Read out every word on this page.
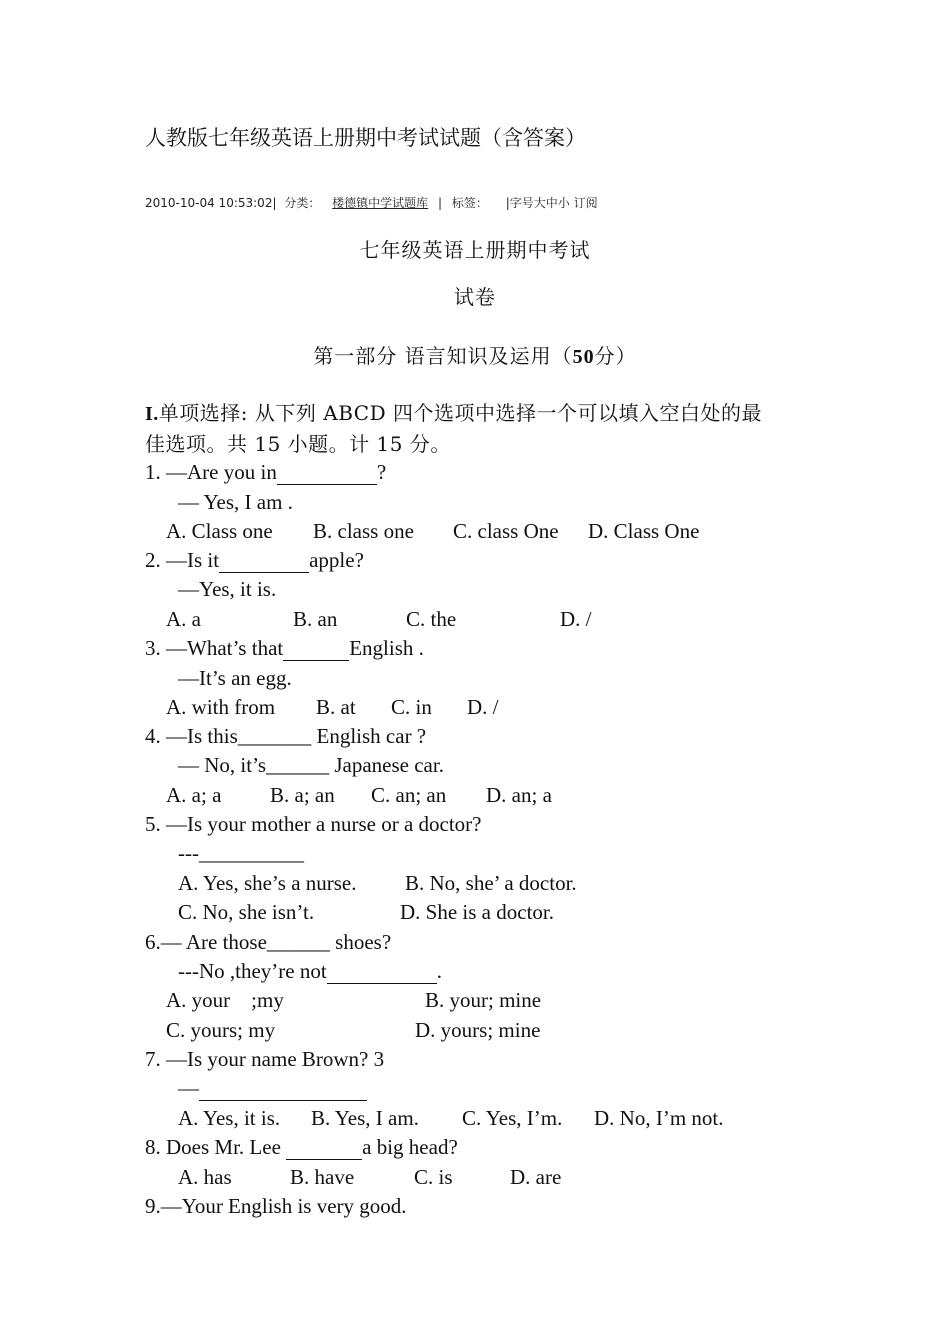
人教版七年级英语上册期中考试试题（含答案）
2010-10-04 10:53:02| 分类： 楼德镇中学试题库 | 标签： |字号大中小 订阅
七年级英语上册期中考试
试卷
第一部分 语言知识及运用（50分）
I.单项选择: 从下列 ABCD 四个选项中选择一个可以填入空白处的最
佳选项。共 15 小题。计 15 分。
1. —Are you in	?
— Yes, I am .
A. Class one B. class one C. class One D. Class One
2. —Is it	apple?
—Yes, it is.
A. a	B. an	C. the	D. /
3. —What’s that	English .
—It’s an egg.
A. with from B. at C. in D. /
4. —Is this_______ English car ?
— No, it’s______ Japanese car.
A. a; a B. a; an C. an; an D. an; a
5. —Is your mother a nurse or a doctor?
---__________
A. Yes, she’s a nurse. B. No, she’ a doctor.
C. No, she isn’t.	D. She is a doctor.
6.— Are those______ shoes?
---No ,they’re not	.
A. your    ;my	B. your; mine
C. yours; my	D. yours; mine
7. —Is your name Brown? 3
—
A. Yes, it is. B. Yes, I am. C. Yes, I’m. D. No, I’m not.
8. Does Mr. Lee	a big head?
A. has	B. have	C. is	D. are
9.—Your English is very good.
